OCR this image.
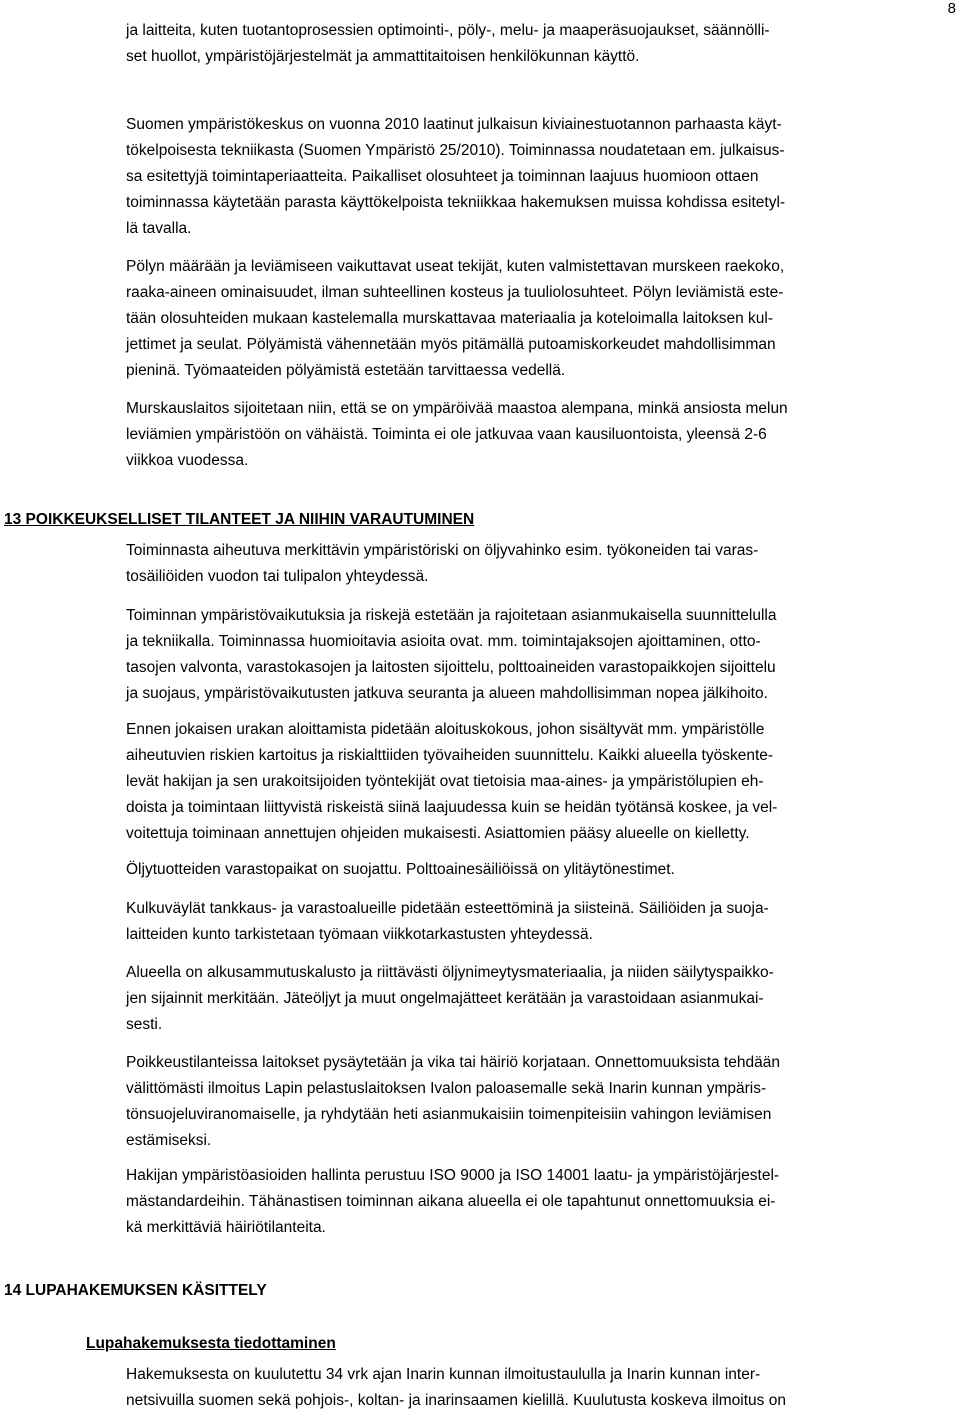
8

ja laitteita, kuten tuotantoprosessien optimointi-, pöly-, melu- ja maaperäsuojaukset, säännölli-
set huollot, ympäristöjärjestelmät ja ammattitaitoisen henkilökunnan käyttö.

Suomen ympäristökeskus on vuonna 2010 laatinut julkaisun kiviainestuotannon parhaasta käyt-
tökelpoisesta tekniikasta (Suomen Ympäristö 25/2010). Toiminnassa noudatetaan em. julkaisus-
sa esitettyjä toimintaperiaatteita. Paikalliset olosuhteet ja toiminnan laajuus huomioon ottaen
toiminnassa käytetään parasta käyttökelpoista tekniikkaa hakemuksen muissa kohdissa esitetyl-
lä tavalla.

Pölyn määrään ja leviämiseen vaikuttavat useat tekijät, kuten valmistettavan murskeen raekoko,
raaka-aineen ominaisuudet, ilman suhteellinen kosteus ja tuuliolosuhteet. Pölyn leviämistä este-
tään olosuhteiden mukaan kastelemalla murskattavaa materiaalia ja koteloimalla laitoksen kul-
jettimet ja seulat. Pölyämistä vähennetään myös pitämällä putoamiskorkeudet mahdollisimman
pieninä. Työmaateiden pölyämistä estetään tarvittaessa vedellä.

Murskauslaitos sijoitetaan niin, että se on ympäröivää maastoa alempana, minkä ansiosta melun
leviämien ympäristöön on vähäistä. Toiminta ei ole jatkuvaa vaan kausiluontoista, yleensä 2-6
viikkoa vuodessa.

13 POIKKEUKSELLISET TILANTEET JA NIIHIN VARAUTUMINEN

Toiminnasta aiheutuva merkittävin ympäristöriski on öljyvahinko esim. työkoneiden tai varas-
tosäiliöiden vuodon tai tulipalon yhteydessä.

Toiminnan ympäristövaikutuksia ja riskejä estetään ja rajoitetaan asianmukaisella suunnittelulla
ja tekniikalla. Toiminnassa huomioitavia asioita ovat. mm. toimintajaksojen ajoittaminen, otto-
tasojen valvonta, varastokasojen ja laitosten sijoittelu, polttoaineiden varastopaikkojen sijoittelu
ja suojaus, ympäristövaikutusten jatkuva seuranta ja alueen mahdollisimman nopea jälkihoito.

Ennen jokaisen urakan aloittamista pidetään aloituskokous, johon sisältyvät mm. ympäristölle
aiheutuvien riskien kartoitus ja riskialttiiden työvaiheiden suunnittelu. Kaikki alueella työskente-
levät hakijan ja sen urakoitsijoiden työntekijät ovat tietoisia maa-aines- ja ympäristölupien eh-
doista ja toimintaan liittyvistä riskeistä siinä laajuudessa kuin se heidän työtänsä koskee, ja vel-
voitettuja toiminaan annettujen ohjeiden mukaisesti. Asiattomien pääsy alueelle on kielletty.

Öljytuotteiden varastopaikat on suojattu. Polttoainesäiliöissä on ylitäytönestimet.

Kulkuväylät tankkaus- ja varastoalueille pidetään esteettöminä ja siisteinä. Säiliöiden ja suoja-
laitteiden kunto tarkistetaan työmaan viikkotarkastusten yhteydessä.

Alueella on alkusammutuskalusto ja riittävästi öljynimeytysmateriaalia, ja niiden säilytyspaikko-
jen sijainnit merkitään. Jäteöljyt ja muut ongelmajätteet kerätään ja varastoidaan asianmukai-
sesti.

Poikkeustilanteissa laitokset pysäytetään ja vika tai häiriö korjataan. Onnettomuuksista tehdään
välittömästi ilmoitus Lapin pelastuslaitoksen Ivalon paloasemalle sekä Inarin kunnan ympäris-
tönsuojeluviranomaiselle, ja ryhdytään heti asianmukaisiin toimenpiteisiin vahingon leviämisen
estämiseksi.

Hakijan ympäristöasioiden hallinta perustuu ISO 9000 ja ISO 14001 laatu- ja ympäristöjärjestel-
mästandardeihin. Tähänastisen toiminnan aikana alueella ei ole tapahtunut onnettomuuksia ei-
kä merkittäviä häiriötilanteita.

14 LUPAHAKEMUKSEN KÄSITTELY
Lupahakemuksesta tiedottaminen

Hakemuksesta on kuulutettu 34 vrk ajan Inarin kunnan ilmoitustaululla ja Inarin kunnan inter-
netsivuilla suomen sekä pohjois-, koltan- ja inarinsaamen kielillä. Kuulutusta koskeva ilmoitus on
